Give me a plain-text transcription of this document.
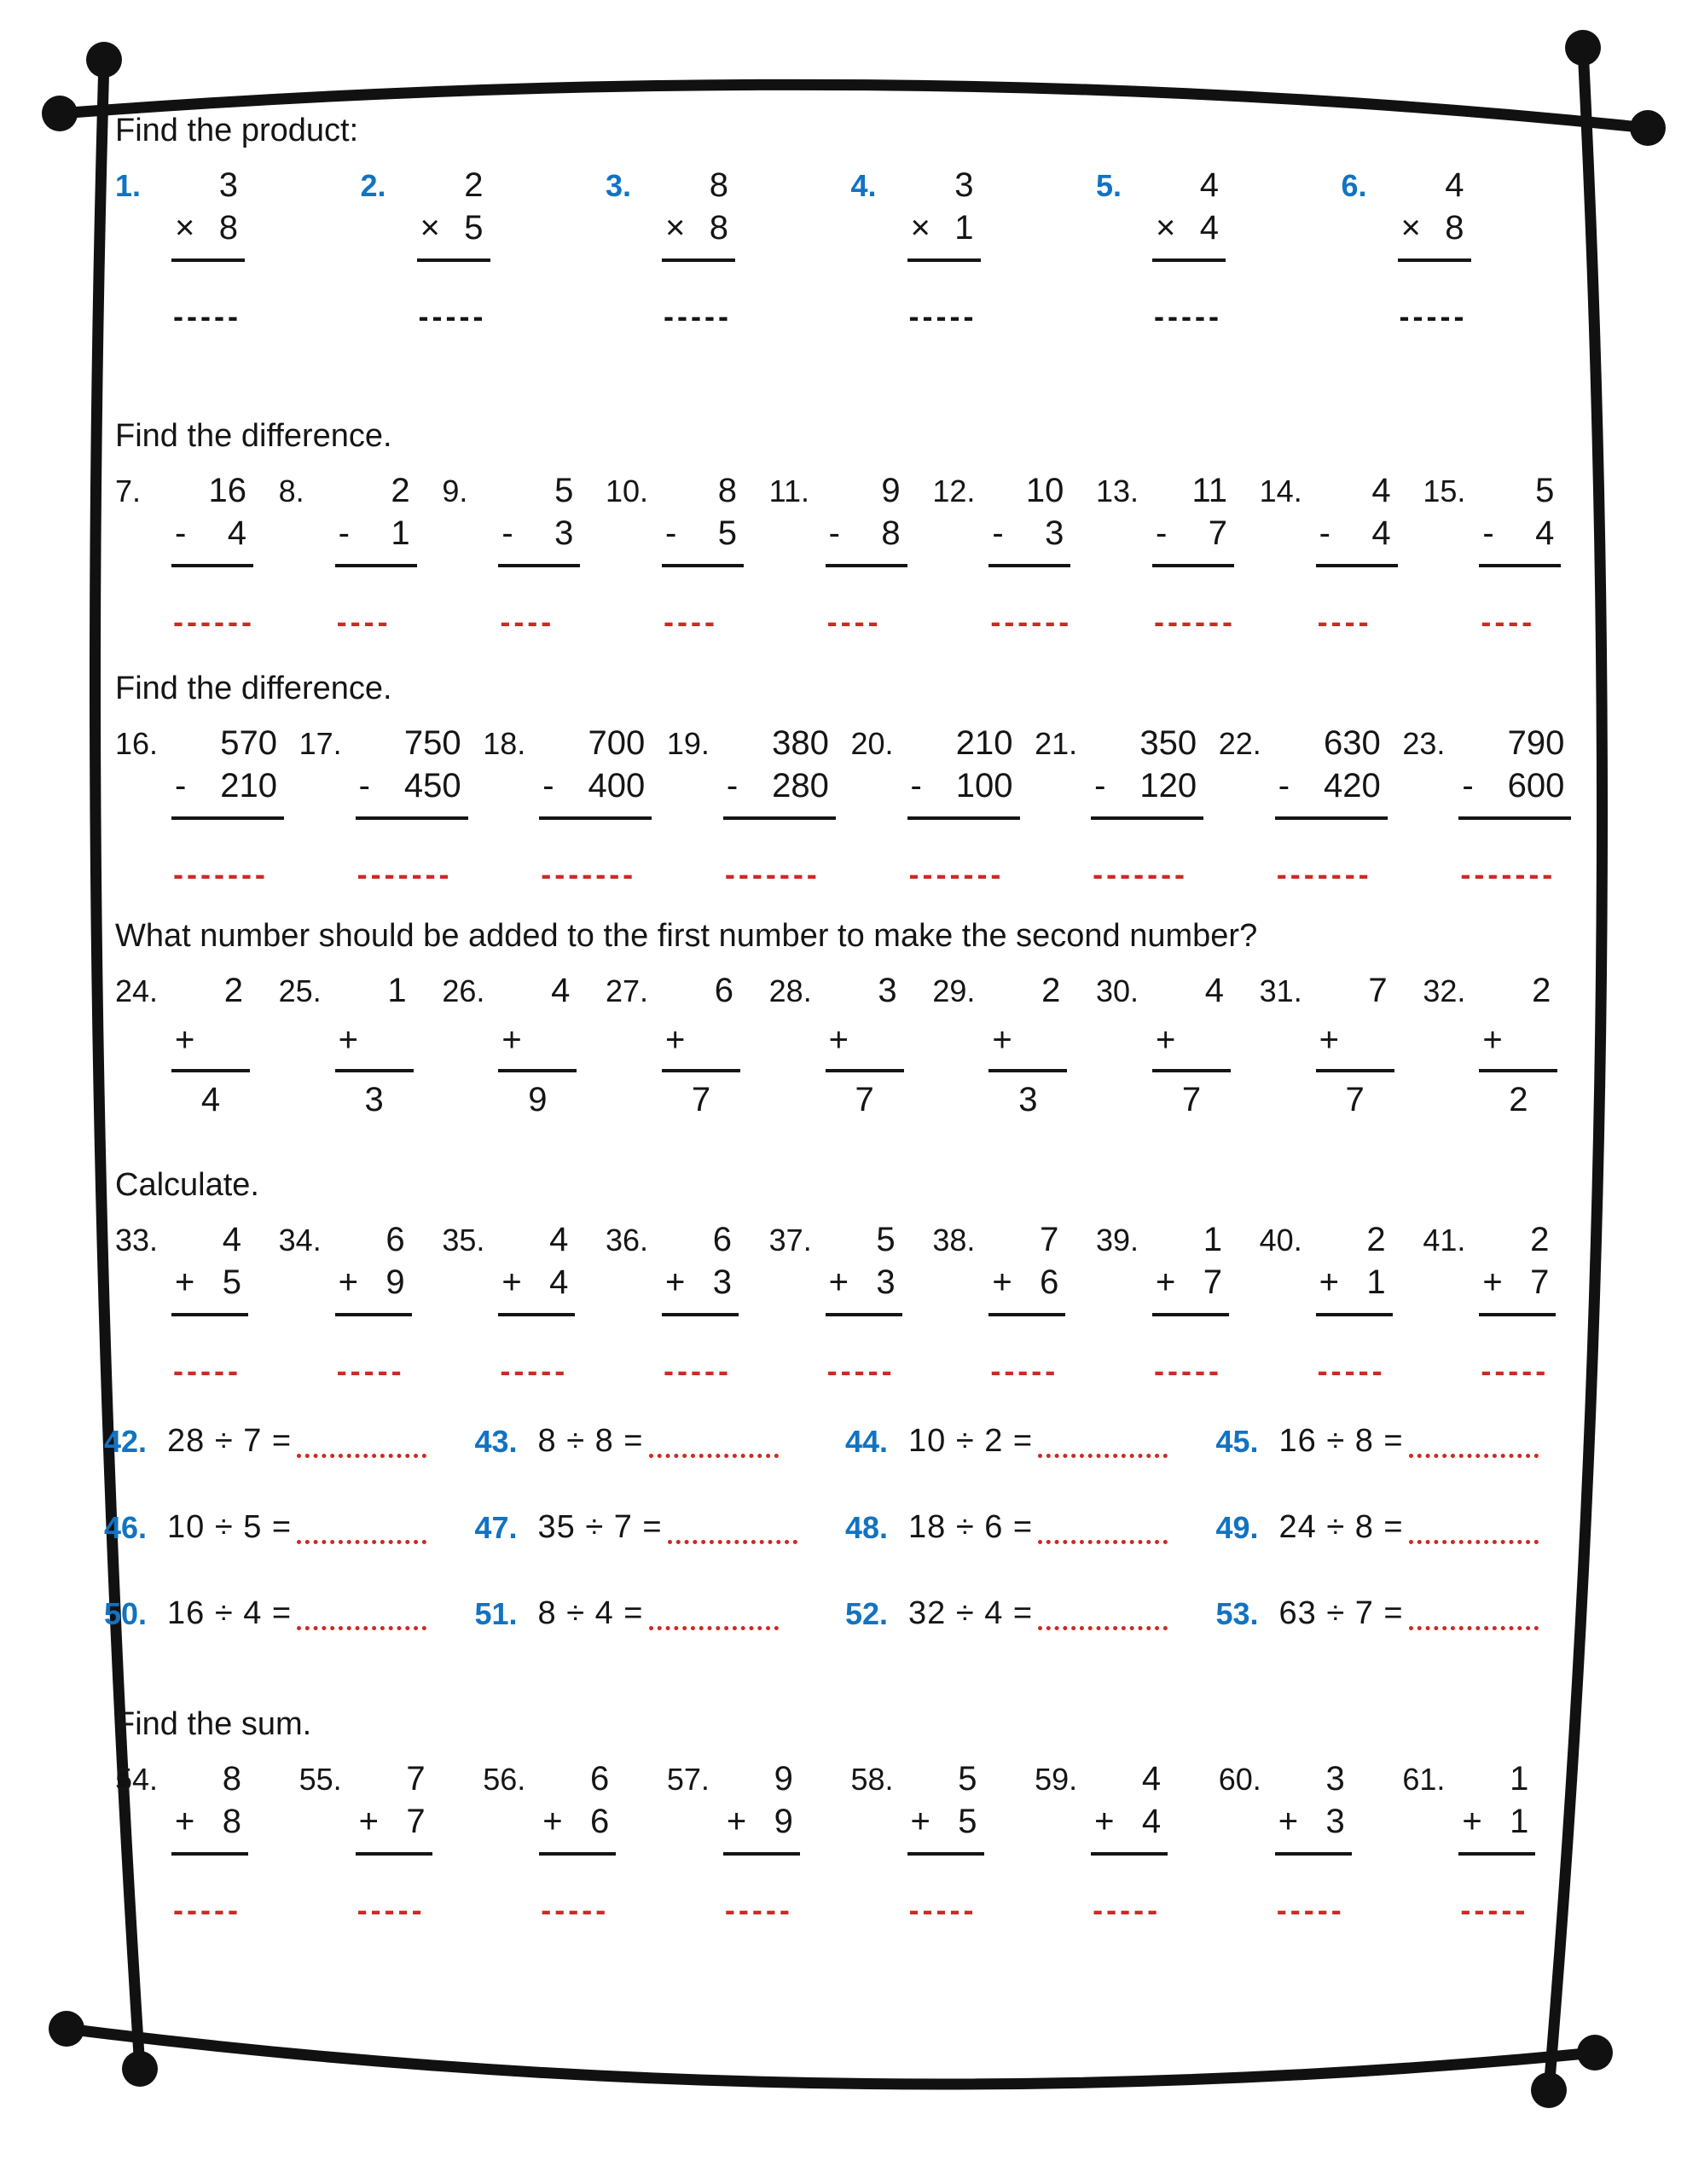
Find the product:
1.	3
× 8
-----
2.	2
× 5
-----
3.	8
× 8
-----
4.	3
× 1
-----
5.	4
× 4
-----
6.	4
× 8
-----
Find the difference.
7.	16
- 4
------
8.	2
- 1
----
9.	5
- 3
----
10.	8
- 5
----
11.	9
- 8
----
12.	10
- 3
------
13.	11
- 7
------
14.	4
- 4
----
15.	5
- 4
----
Find the difference.
16.	570
- 210
-------
17.	750
- 450
-------
18.	700
- 400
-------
19.	380
- 280
-------
20.	210
- 100
-------
21.	350
- 120
-------
22.	630
- 420
-------
23.	790
- 600
-------
What number should be added to the first number to make the second number?
24.	2
+
4
25.	1
+
3
26.	4
+
9
27.	6
+
7
28.	3
+
7
29.	2
+
3
30.	4
+
7
31.	7
+
7
32.	2
+
2
Calculate.
33.	4
+ 5
-----
34.	6
+ 9
-----
35.	4
+ 4
-----
36.	6
+ 3
-----
37.	5
+ 3
-----
38.	7
+ 6
-----
39.	1
+ 7
-----
40.	2
+ 1
-----
41.	2
+ 7
-----
42. 28 ÷ 7 =	43. 8 ÷ 8 =	44. 10 ÷ 2 =	45. 16 ÷ 8 =
46. 10 ÷ 5 =	47. 35 ÷ 7 =	48. 18 ÷ 6 =	49. 24 ÷ 8 =
50. 16 ÷ 4 =	51. 8 ÷ 4 =	52. 32 ÷ 4 =	53. 63 ÷ 7 =
Find the sum.
54.	8
+ 8
-----
55.	7
+ 7
-----
56.	6
+ 6
-----
57.	9
+ 9
-----
58.	5
+ 5
-----
59.	4
+ 4
-----
60.	3
+ 3
-----
61.	1
+ 1
-----
